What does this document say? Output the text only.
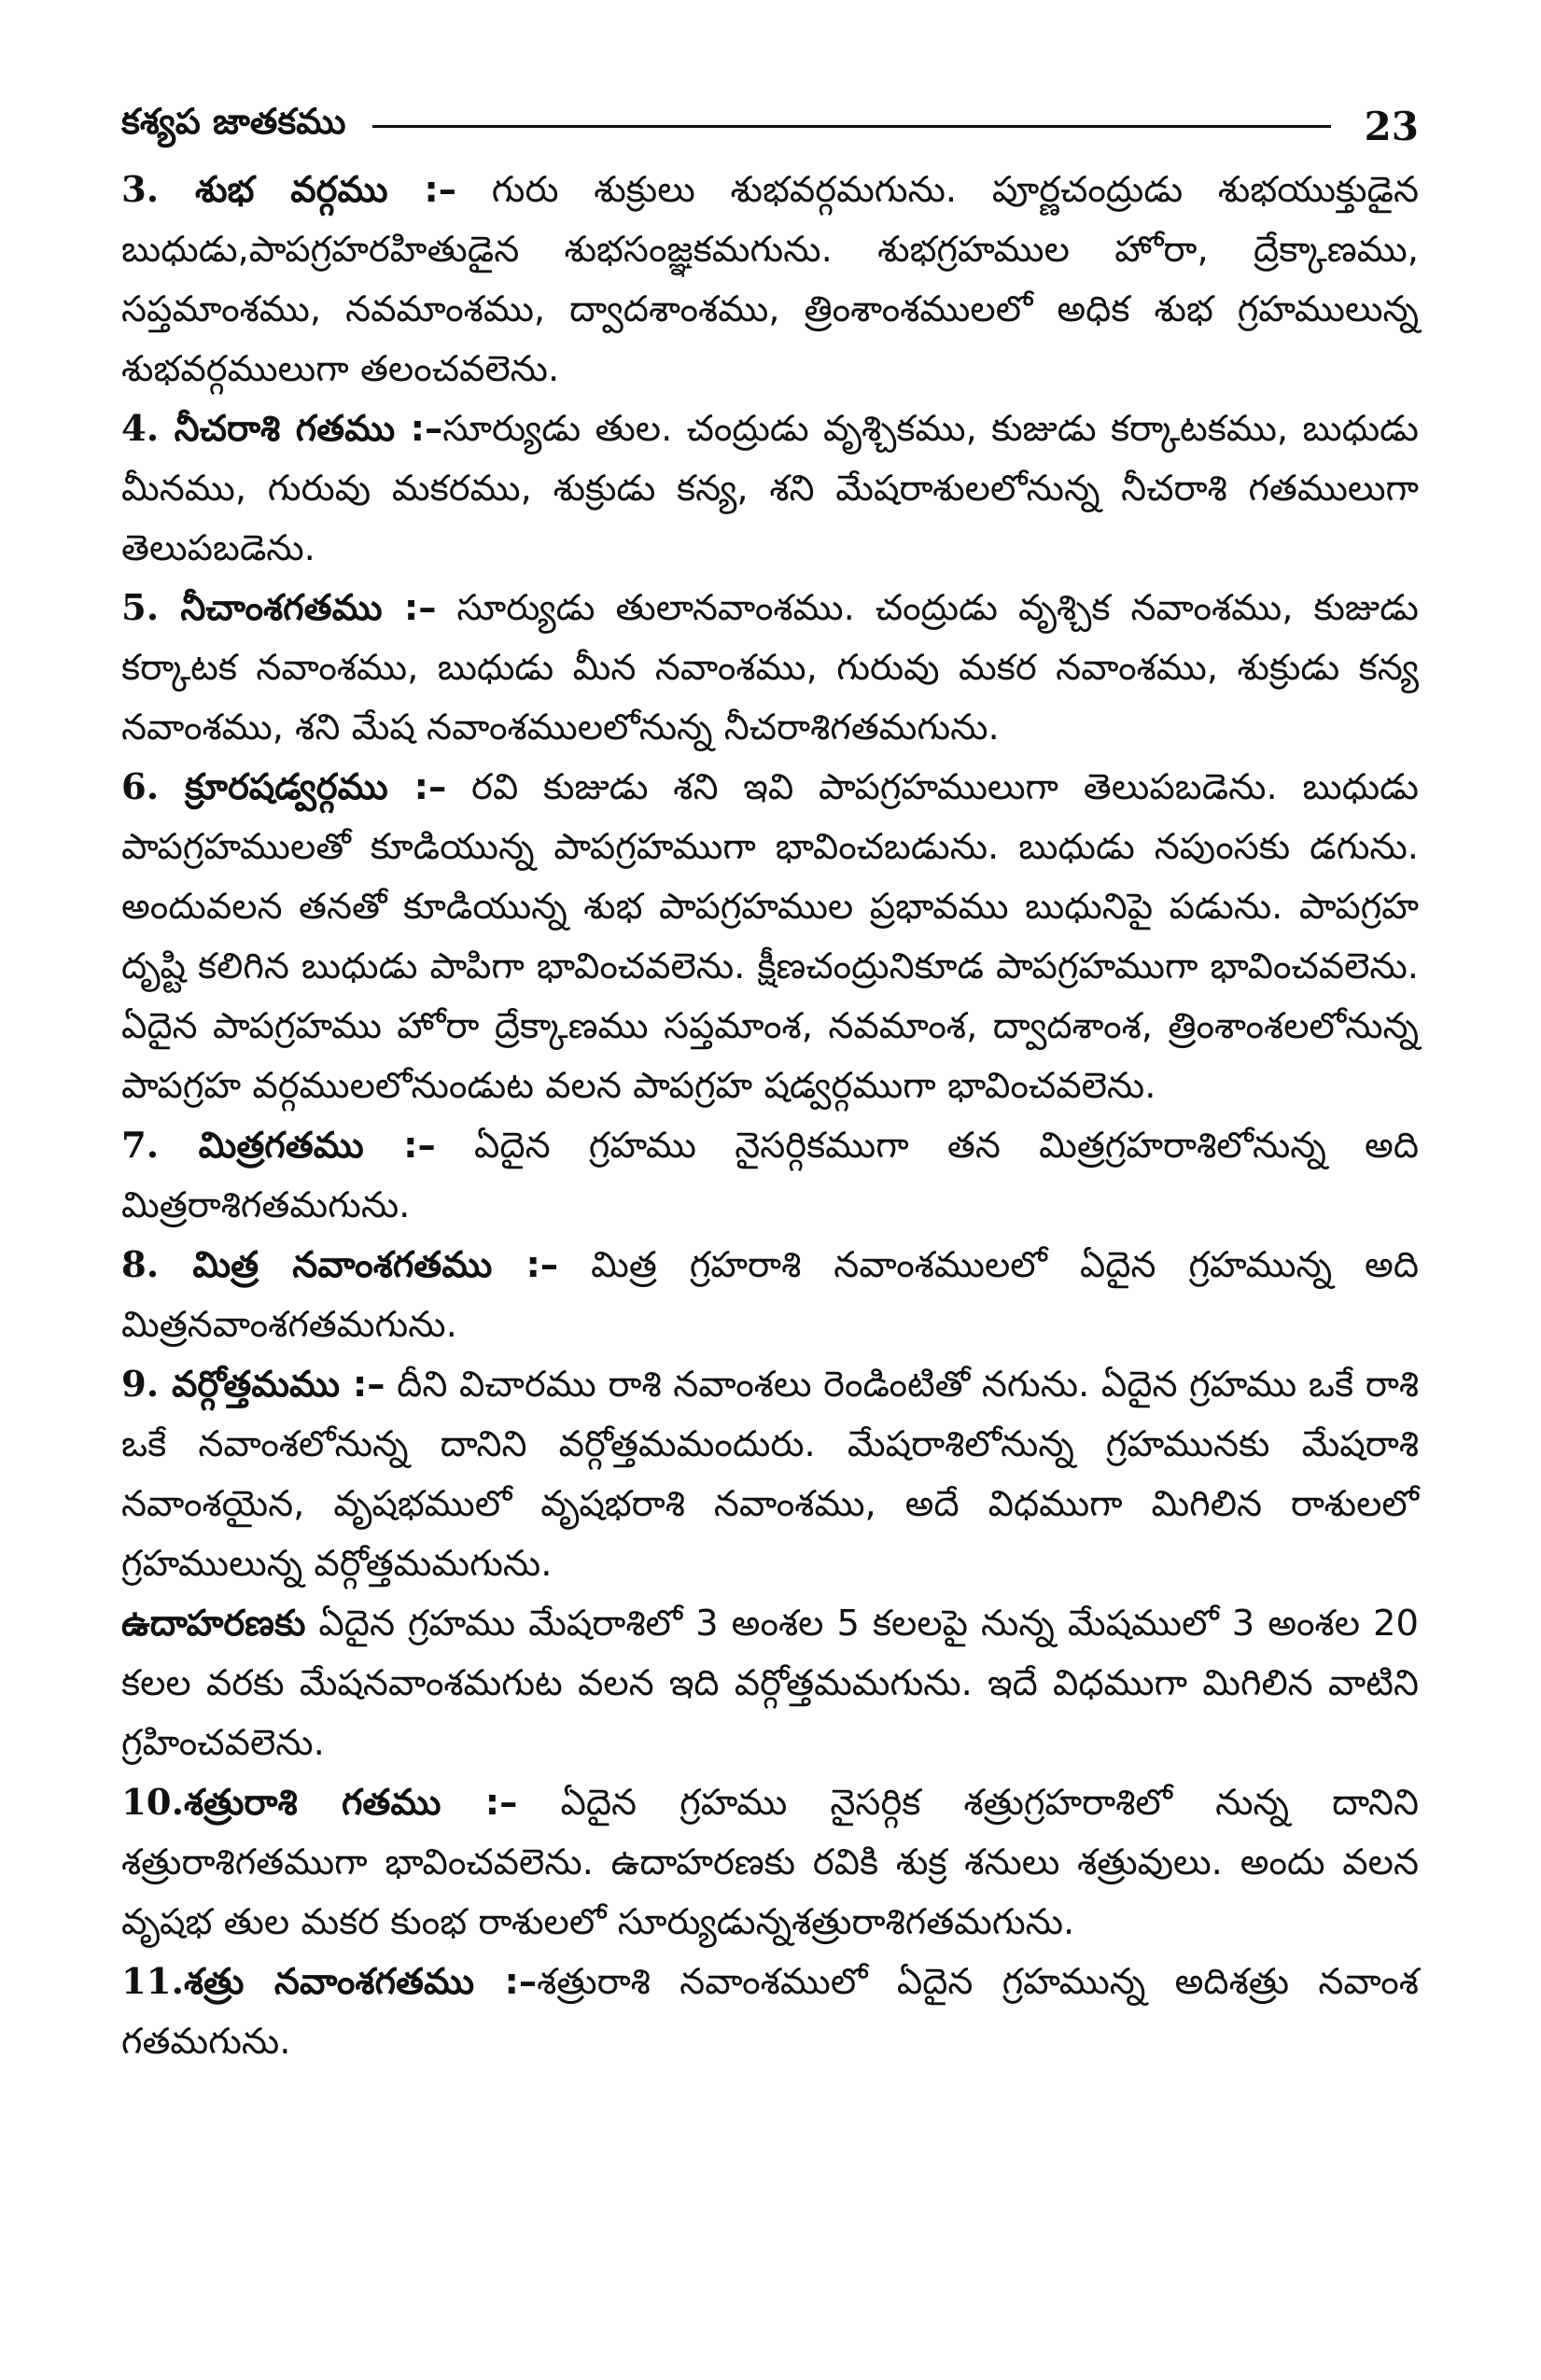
కశ్యప జాతకము	23

3. శుభ వర్గము :– గురు శుక్రులు శుభవర్గమగును. పూర్ణచంద్రుడు శుభయుక్తుడైన బుధుడు,పాపగ్రహరహితుడైన శుభసంజ్ఞకమగును. శుభగ్రహముల హోరా, ద్రేక్కాణము, సప్తమాంశము, నవమాంశము, ద్వాదశాంశము, త్రింశాంశములలో అధిక శుభ గ్రహములున్న శుభవర్గములుగా తలంచవలెను.

4. నీచరాశి గతము :–సూర్యుడు తుల. చంద్రుడు వృశ్చికము, కుజుడు కర్కాటకము, బుధుడు మీనము, గురువు మకరము, శుక్రుడు కన్య, శని మేషరాశులలోనున్న నీచరాశి గతములుగా తెలుపబడెను.

5. నీచాంశగతము :– సూర్యుడు తులానవాంశము. చంద్రుడు వృశ్చిక నవాంశము, కుజుడు కర్కాటక నవాంశము, బుధుడు మీన నవాంశము, గురువు మకర నవాంశము, శుక్రుడు కన్య నవాంశము, శని మేష నవాంశములలోనున్న నీచరాశిగతమగును.

6. క్రూరషడ్వర్గము :– రవి కుజుడు శని ఇవి పాపగ్రహములుగా తెలుపబడెను. బుధుడు పాపగ్రహములతో కూడియున్న పాపగ్రహముగా భావించబడును. బుధుడు నపుంసకు డగును. అందువలన తనతో కూడియున్న శుభ పాపగ్రహముల ప్రభావము బుధునిపై పడును. పాపగ్రహ దృష్టి కలిగిన బుధుడు పాపిగా భావించవలెను. క్షీణచంద్రునికూడ పాపగ్రహముగా భావించవలెను. ఏదైన పాపగ్రహము హోరా ద్రేక్కాణము సప్తమాంశ, నవమాంశ, ద్వాదశాంశ, త్రింశాంశలలోనున్న పాపగ్రహ వర్గములలోనుండుట వలన పాపగ్రహ షడ్వర్గముగా భావించవలెను.

7. మిత్రగతము :– ఏదైన గ్రహము నైసర్గికముగా తన మిత్రగ్రహరాశిలోనున్న అది మిత్రరాశిగతమగును.

8. మిత్ర నవాంశగతము :– మిత్ర గ్రహరాశి నవాంశములలో ఏదైన గ్రహమున్న అది మిత్రనవాంశగతమగును.

9. వర్గోత్తమము :– దీని విచారము రాశి నవాంశలు రెండింటితో నగును. ఏదైన గ్రహము ఒకే రాశి ఒకే నవాంశలోనున్న దానిని వర్గోత్తమమందురు. మేషరాశిలోనున్న గ్రహమునకు మేషరాశి నవాంశయైన, వృషభములో వృషభరాశి నవాంశము, అదే విధముగా మిగిలిన రాశులలో గ్రహములున్న వర్గోత్తమమగును.

ఉదాహరణకు ఏదైన గ్రహము మేషరాశిలో 3 అంశల 5 కలలపై నున్న మేషములో 3 అంశల 20 కలల వరకు మేషనవాంశమగుట వలన ఇది వర్గోత్తమమగును. ఇదే విధముగా మిగిలిన వాటిని గ్రహించవలెను.

10.శత్రురాశి గతము :– ఏదైన గ్రహము నైసర్గిక శత్రుగ్రహరాశిలో నున్న దానిని శత్రురాశిగతముగా భావించవలెను. ఉదాహరణకు రవికి శుక్ర శనులు శత్రువులు. అందు వలన వృషభ తుల మకర కుంభ రాశులలో సూర్యుడున్నశత్రురాశిగతమగును.

11.శత్రు నవాంశగతము :–శత్రురాశి నవాంశములో ఏదైన గ్రహమున్న అదిశత్రు నవాంశ గతమగును.
